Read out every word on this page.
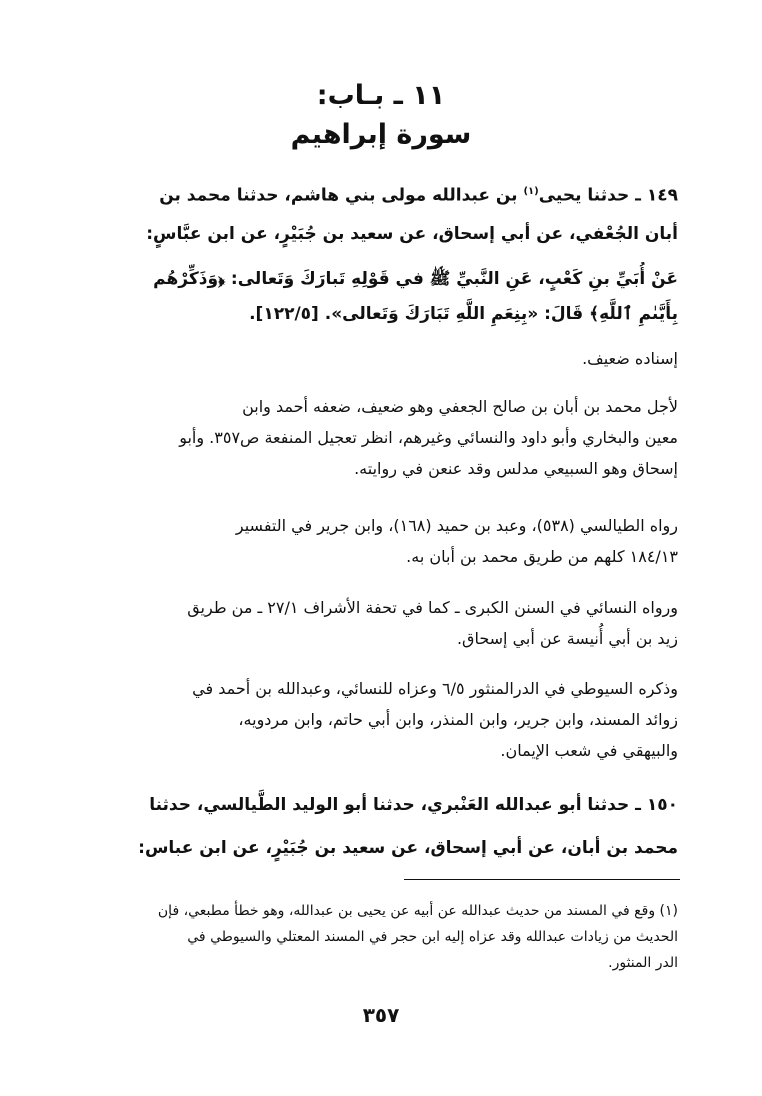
١١ ـ بـاب:
سورة إبراهيم
١٤٩ ـ حدثنا يحيى$^{(١)}$ بن عبدالله مولى بني هاشم، حدثنا محمد بن
أبان الجُعْفي، عن أبي إسحاق، عن سعيد بن جُبَيْرٍ، عن ابن عبَّاسٍ:
عَنْ أُبَيِّ بنِ كَعْبٍ، عَنِ النَّبيِّ ﷺ في قَوْلِهِ تَبارَكَ وَتَعالى: ﴿وَذَكِّرْهُم
بِأَيَّىٰمِ ٱللَّهِ﴾ قَالَ: «بِنِعَمِ اللَّهِ تَبَارَكَ وَتَعالى». [١٢٢/٥].
إسناده ضعيف.
لأجل محمد بن أبان بن صالح الجعفي وهو ضعيف، ضعفه أحمد وابن
معين والبخاري وأبو داود والنسائي وغيرهم، انظر تعجيل المنفعة ص٣٥٧. وأبو
إسحاق وهو السبيعي مدلس وقد عنعن في روايته.
رواه الطيالسي (٥٣٨)، وعبد بن حميد (١٦٨)، وابن جرير في التفسير
١٨٤/١٣ كلهم من طريق محمد بن أبان به.
ورواه النسائي في السنن الكبرى ـ كما في تحفة الأشراف ٢٧/١ ـ من طريق
زيد بن أبي أُنيسة عن أبي إسحاق.
وذكره السيوطي في الدرالمنثور ٦/٥ وعزاه للنسائي، وعبدالله بن أحمد في
زوائد المسند، وابن جرير، وابن المنذر، وابن أبي حاتم، وابن مردويه،
والبيهقي في شعب الإيمان.
١٥٠ ـ حدثنا أبو عبدالله العَنْبري، حدثنا أبو الوليد الطَّيالسي، حدثنا
محمد بن أبان، عن أبي إسحاق، عن سعيد بن جُبَيْرٍ، عن ابن عباس:
(١) وقع في المسند من حديث عبدالله عن أبيه عن يحيى بن عبدالله، وهو خطأ مطبعي، فإن
الحديث من زيادات عبدالله وقد عزاه إليه ابن حجر في المسند المعتلي والسيوطي في
الدر المنثور.
٣٥٧
